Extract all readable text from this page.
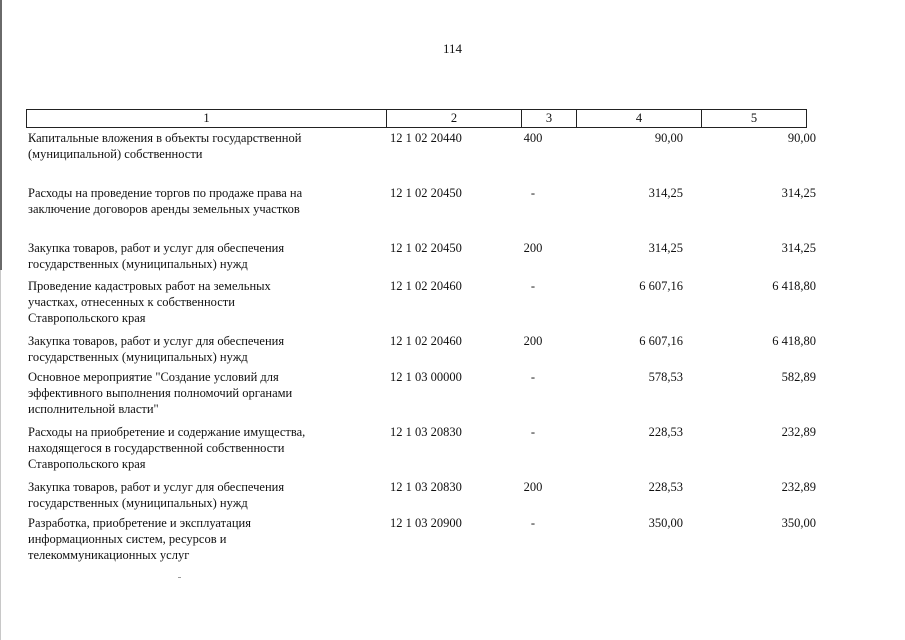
114
1	2	3	4	5
Капитальные вложения в объекты государственной
(муниципальной) собственности
12 1 02 20440	400	90,00	90,00
Расходы на проведение торгов по продаже права на
заключение договоров аренды земельных участков
12 1 02 20450	-	314,25	314,25
Закупка товаров, работ и услуг для обеспечения
государственных (муниципальных) нужд
12 1 02 20450	200	314,25	314,25
Проведение кадастровых работ на земельных
участках, отнесенных к собственности
Ставропольского края
12 1 02 20460	-	6 607,16	6 418,80
Закупка товаров, работ и услуг для обеспечения
государственных (муниципальных) нужд
12 1 02 20460	200	6 607,16	6 418,80
Основное мероприятие "Создание условий для
эффективного выполнения полномочий органами
исполнительной власти"
12 1 03 00000	-	578,53	582,89
Расходы на приобретение и содержание имущества,
находящегося в государственной собственности
Ставропольского края
12 1 03 20830	-	228,53	232,89
Закупка товаров, работ и услуг для обеспечения
государственных (муниципальных) нужд
12 1 03 20830	200	228,53	232,89
Разработка, приобретение и эксплуатация
информационных систем, ресурсов и
телекоммуникационных услуг
12 1 03 20900	-	350,00	350,00
